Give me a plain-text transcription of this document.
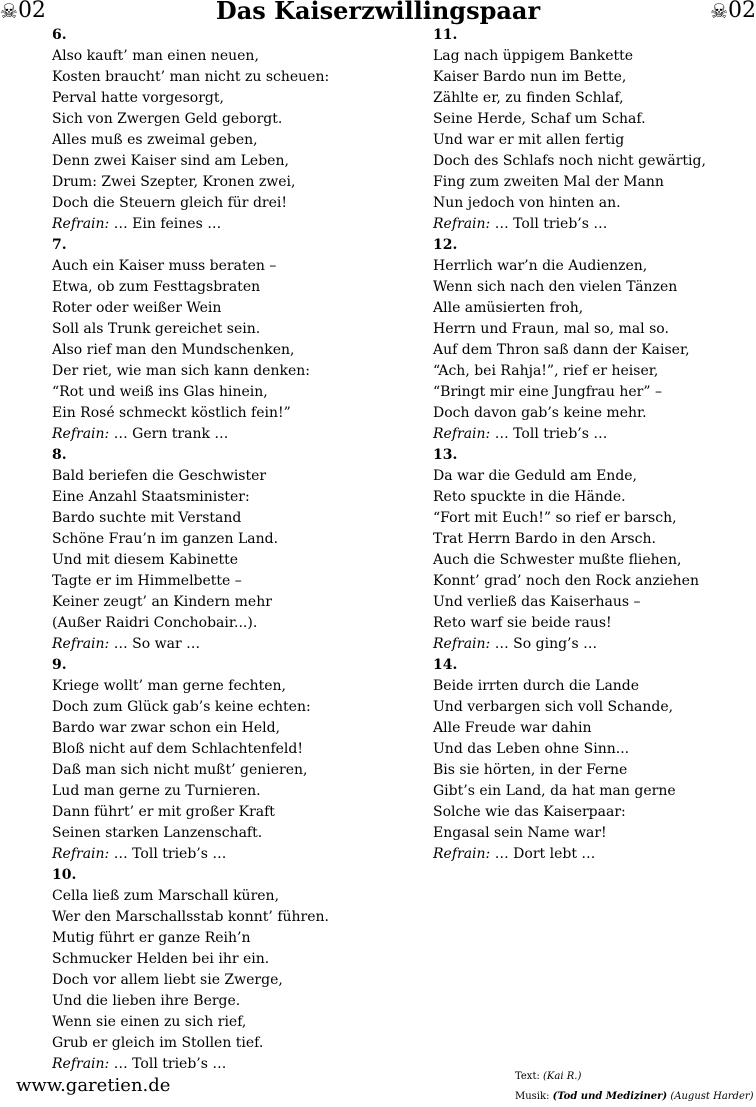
☠ 02	Das Kaiserzwillingspaar	☠ 02
6.
Also kauft’ man einen neuen,
Kosten braucht’ man nicht zu scheuen:
Perval hatte vorgesorgt,
Sich von Zwergen Geld geborgt.
Alles muß es zweimal geben,
Denn zwei Kaiser sind am Leben,
Drum: Zwei Szepter, Kronen zwei,
Doch die Steuern gleich für drei!
Refrain: … Ein feines …
7.
Auch ein Kaiser muss beraten –
Etwa, ob zum Festtagsbraten
Roter oder weißer Wein
Soll als Trunk gereichet sein.
Also rief man den Mundschenken,
Der riet, wie man sich kann denken:
“Rot und weiß ins Glas hinein,
Ein Rosé schmeckt köstlich fein!”
Refrain: … Gern trank …
8.
Bald beriefen die Geschwister
Eine Anzahl Staatsminister:
Bardo suchte mit Verstand
Schöne Frau’n im ganzen Land.
Und mit diesem Kabinette
Tagte er im Himmelbette –
Keiner zeugt’ an Kindern mehr
(Außer Raidri Conchobair...).
Refrain: … So war …
9.
Kriege wollt’ man gerne fechten,
Doch zum Glück gab’s keine echten:
Bardo war zwar schon ein Held,
Bloß nicht auf dem Schlachtenfeld!
Daß man sich nicht mußt’ genieren,
Lud man gerne zu Turnieren.
Dann führt’ er mit großer Kraft
Seinen starken Lanzenschaft.
Refrain: … Toll trieb’s …
10.
Cella ließ zum Marschall küren,
Wer den Marschallsstab konnt’ führen.
Mutig führt er ganze Reih’n
Schmucker Helden bei ihr ein.
Doch vor allem liebt sie Zwerge,
Und die lieben ihre Berge.
Wenn sie einen zu sich rief,
Grub er gleich im Stollen tief.
Refrain: … Toll trieb’s …
11.
Lag nach üppigem Bankette
Kaiser Bardo nun im Bette,
Zählte er, zu finden Schlaf,
Seine Herde, Schaf um Schaf.
Und war er mit allen fertig
Doch des Schlafs noch nicht gewärtig,
Fing zum zweiten Mal der Mann
Nun jedoch von hinten an.
Refrain: … Toll trieb’s …
12.
Herrlich war’n die Audienzen,
Wenn sich nach den vielen Tänzen
Alle amüsierten froh,
Herrn und Fraun, mal so, mal so.
Auf dem Thron saß dann der Kaiser,
“Ach, bei Rahja!”, rief er heiser,
“Bringt mir eine Jungfrau her” –
Doch davon gab’s keine mehr.
Refrain: … Toll trieb’s …
13.
Da war die Geduld am Ende,
Reto spuckte in die Hände.
“Fort mit Euch!” so rief er barsch,
Trat Herrn Bardo in den Arsch.
Auch die Schwester mußte fliehen,
Konnt’ grad’ noch den Rock anziehen
Und verließ das Kaiserhaus –
Reto warf sie beide raus!
Refrain: … So ging’s …
14.
Beide irrten durch die Lande
Und verbargen sich voll Schande,
Alle Freude war dahin
Und das Leben ohne Sinn...
Bis sie hörten, in der Ferne
Gibt’s ein Land, da hat man gerne
Solche wie das Kaiserpaar:
Engasal sein Name war!
Refrain: … Dort lebt …
www.garetien.de	Text: (Kai R.)
Musik: (Tod und Mediziner) (August Harder)
